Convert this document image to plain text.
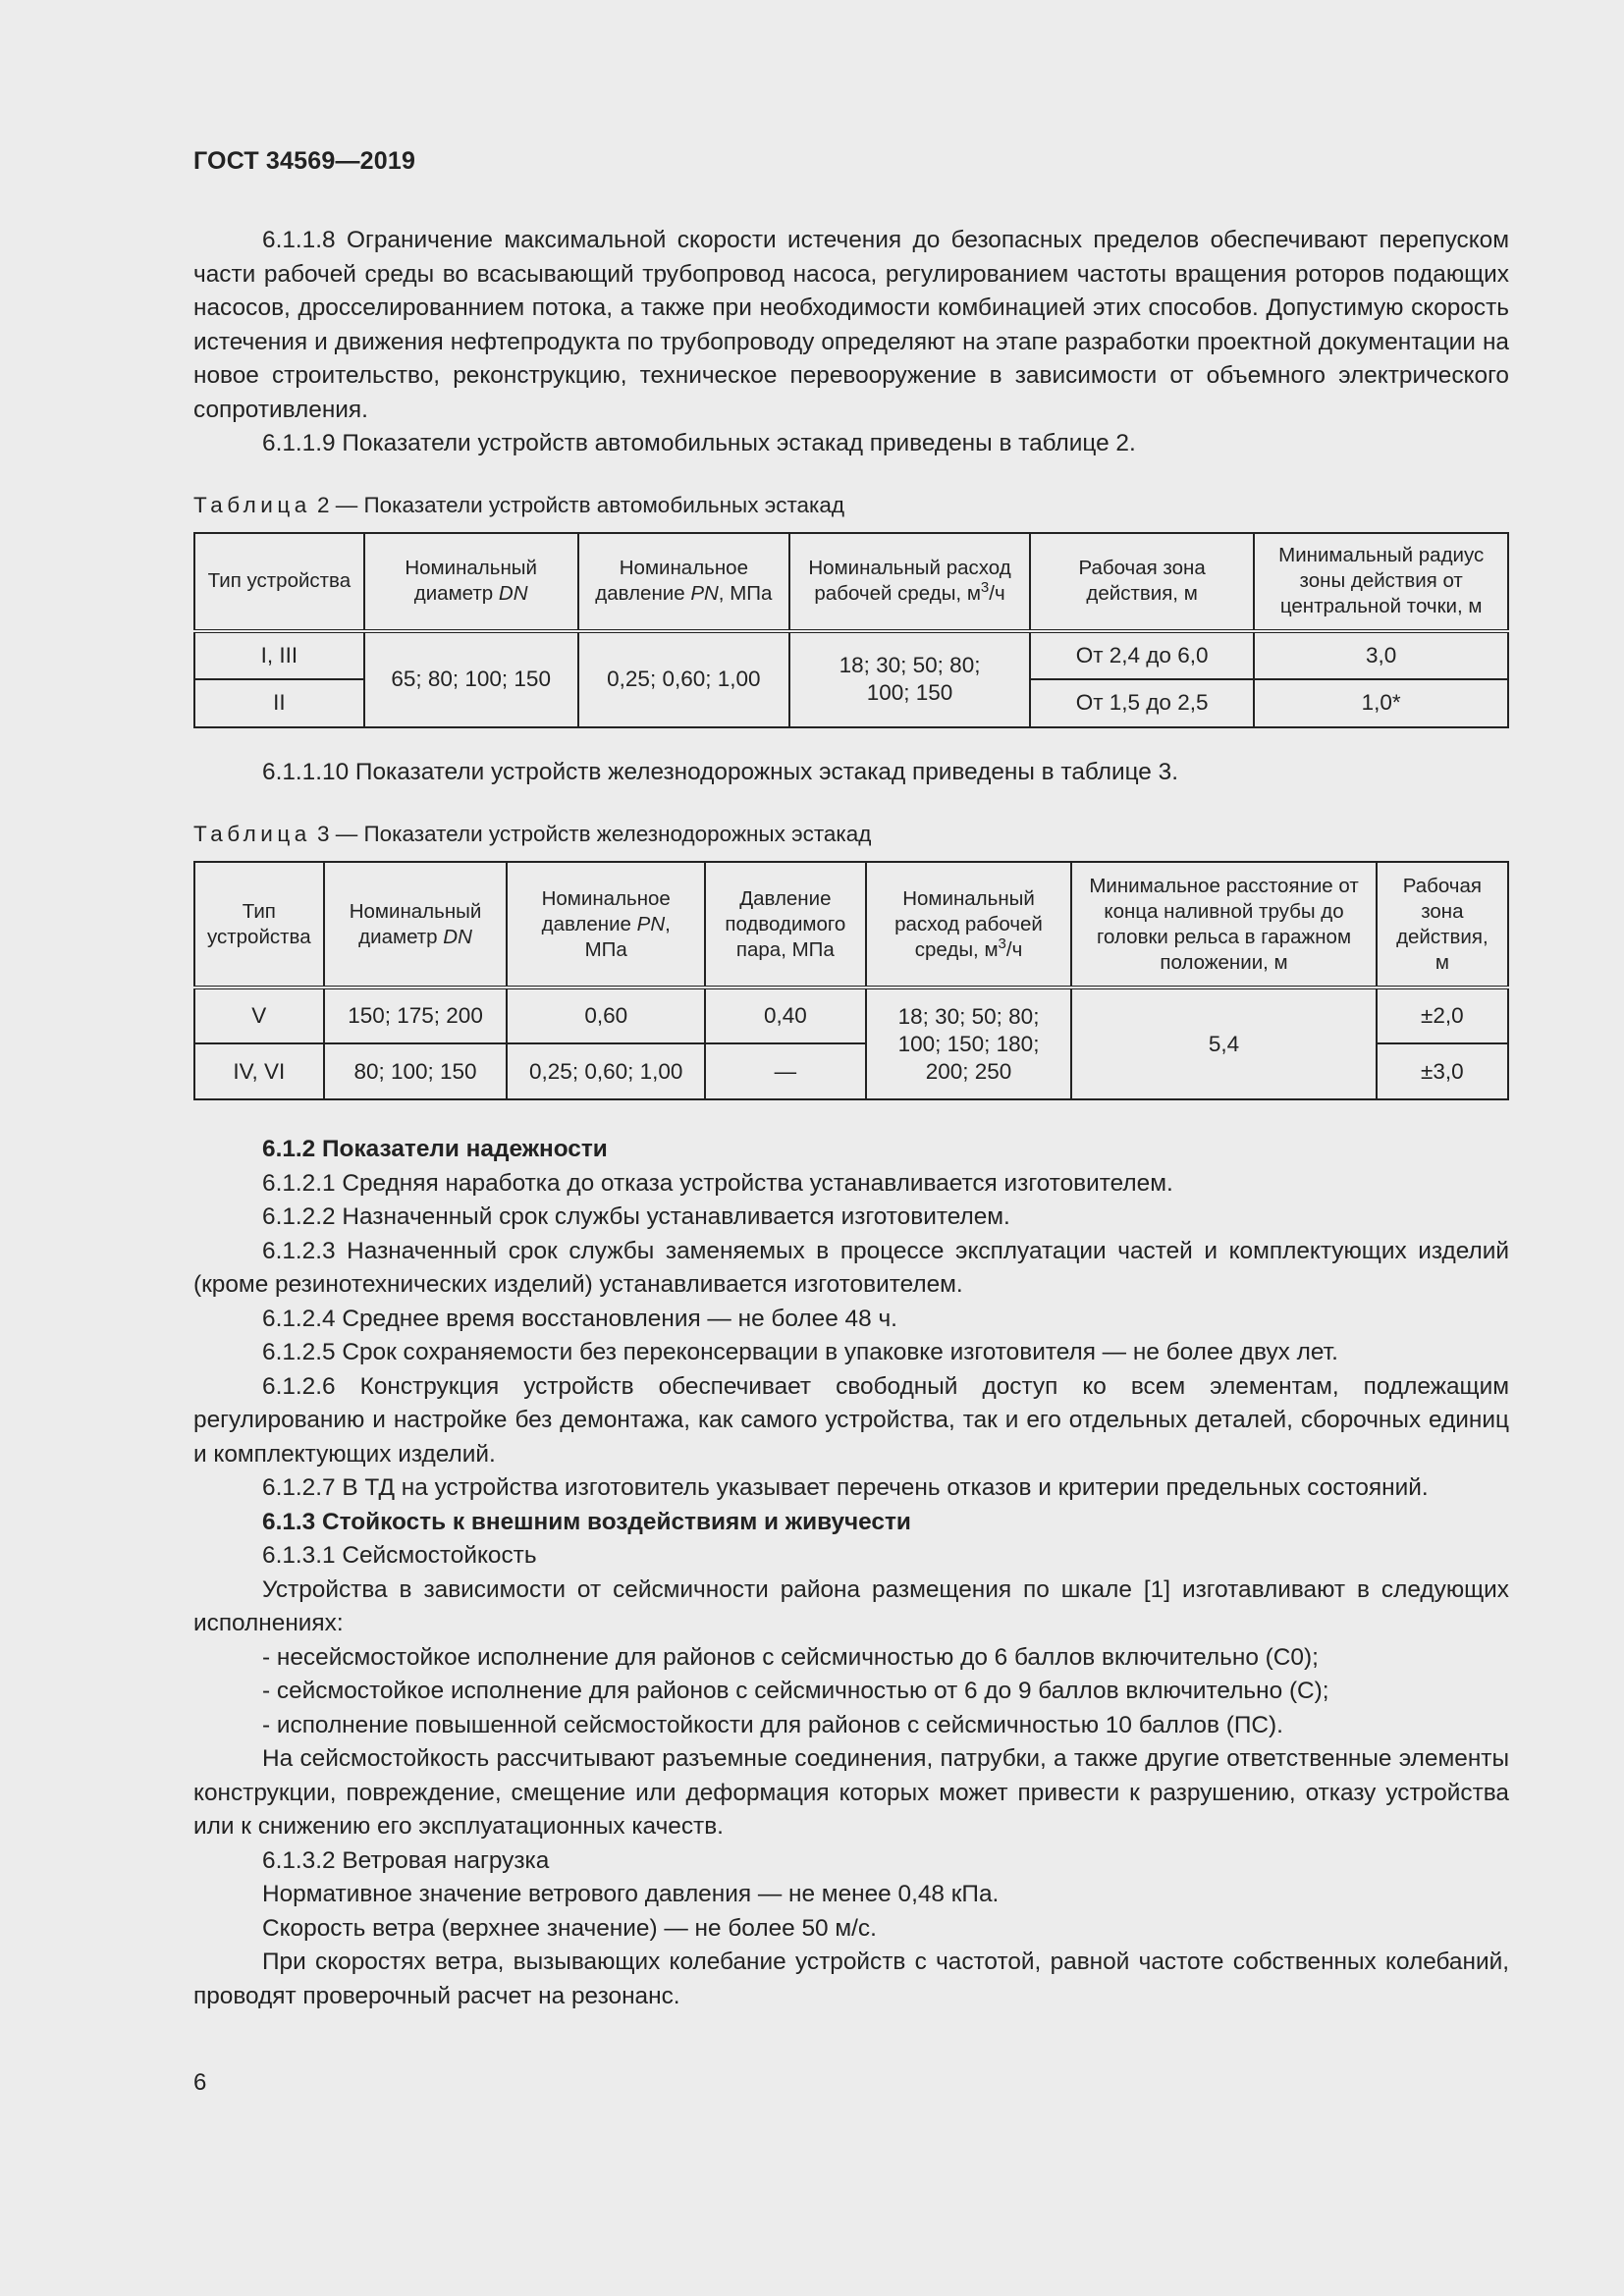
ГОСТ 34569—2019

6.1.1.8 Ограничение максимальной скорости истечения до безопасных пределов обеспечивают перепуском части рабочей среды во всасывающий трубопровод насоса, регулированием частоты вращения роторов подающих насосов, дросселированнием потока, а также при необходимости комбинацией этих способов. Допустимую скорость истечения и движения нефтепродукта по трубопроводу определяют на этапе разработки проектной документации на новое строительство, реконструкцию, техническое перевооружение в зависимости от объемного электрического сопротивления.

6.1.1.9 Показатели устройств автомобильных эстакад приведены в таблице 2.

Таблица 2 — Показатели устройств автомобильных эстакад

Тип устройства	Номинальный диаметр DN	Номинальное давление PN, МПа	Номинальный расход рабочей среды, $м^3/ч$	Рабочая зона действия, м	Минимальный радиус зоны действия от центральной точки, м
I, III	65; 80; 100; 150	0,25; 0,60; 1,00	18; 30; 50; 80; 100; 150	От 2,4 до 6,0	3,0
II				От 1,5 до 2,5	1,0*

6.1.1.10 Показатели устройств железнодорожных эстакад приведены в таблице 3.

Таблица 3 — Показатели устройств железнодорожных эстакад

Тип устройства	Номинальный диаметр DN	Номинальное давление PN, МПа	Давление подводимого пара, МПа	Номинальный расход рабочей среды, $м^3/ч$	Минимальное расстояние от конца наливной трубы до головки рельса в гаражном положении, м	Рабочая зона действия, м
V	150; 175; 200	0,60	0,40	18; 30; 50; 80; 100; 150; 180; 200; 250	5,4	±2,0
IV, VI	80; 100; 150	0,25; 0,60; 1,00	—			±3,0

6.1.2 Показатели надежности

6.1.2.1 Средняя наработка до отказа устройства устанавливается изготовителем.

6.1.2.2 Назначенный срок службы устанавливается изготовителем.

6.1.2.3 Назначенный срок службы заменяемых в процессе эксплуатации частей и комплектующих изделий (кроме резинотехнических изделий) устанавливается изготовителем.

6.1.2.4 Среднее время восстановления — не более 48 ч.

6.1.2.5 Срок сохраняемости без переконсервации в упаковке изготовителя — не более двух лет.

6.1.2.6 Конструкция устройств обеспечивает свободный доступ ко всем элементам, подлежащим регулированию и настройке без демонтажа, как самого устройства, так и его отдельных деталей, сборочных единиц и комплектующих изделий.

6.1.2.7 В ТД на устройства изготовитель указывает перечень отказов и критерии предельных состояний.

6.1.3 Стойкость к внешним воздействиям и живучести

6.1.3.1 Сейсмостойкость

Устройства в зависимости от сейсмичности района размещения по шкале [1] изготавливают в следующих исполнениях:

- несейсмостойкое исполнение для районов с сейсмичностью до 6 баллов включительно (С0);

- сейсмостойкое исполнение для районов с сейсмичностью от 6 до 9 баллов включительно (С);

- исполнение повышенной сейсмостойкости для районов с сейсмичностью 10 баллов (ПС).

На сейсмостойкость рассчитывают разъемные соединения, патрубки, а также другие ответственные элементы конструкции, повреждение, смещение или деформация которых может привести к разрушению, отказу устройства или к снижению его эксплуатационных качеств.

6.1.3.2 Ветровая нагрузка

Нормативное значение ветрового давления — не менее 0,48 кПа.

Скорость ветра (верхнее значение) — не более 50 м/с.

При скоростях ветра, вызывающих колебание устройств с частотой, равной частоте собственных колебаний, проводят проверочный расчет на резонанс.

6
